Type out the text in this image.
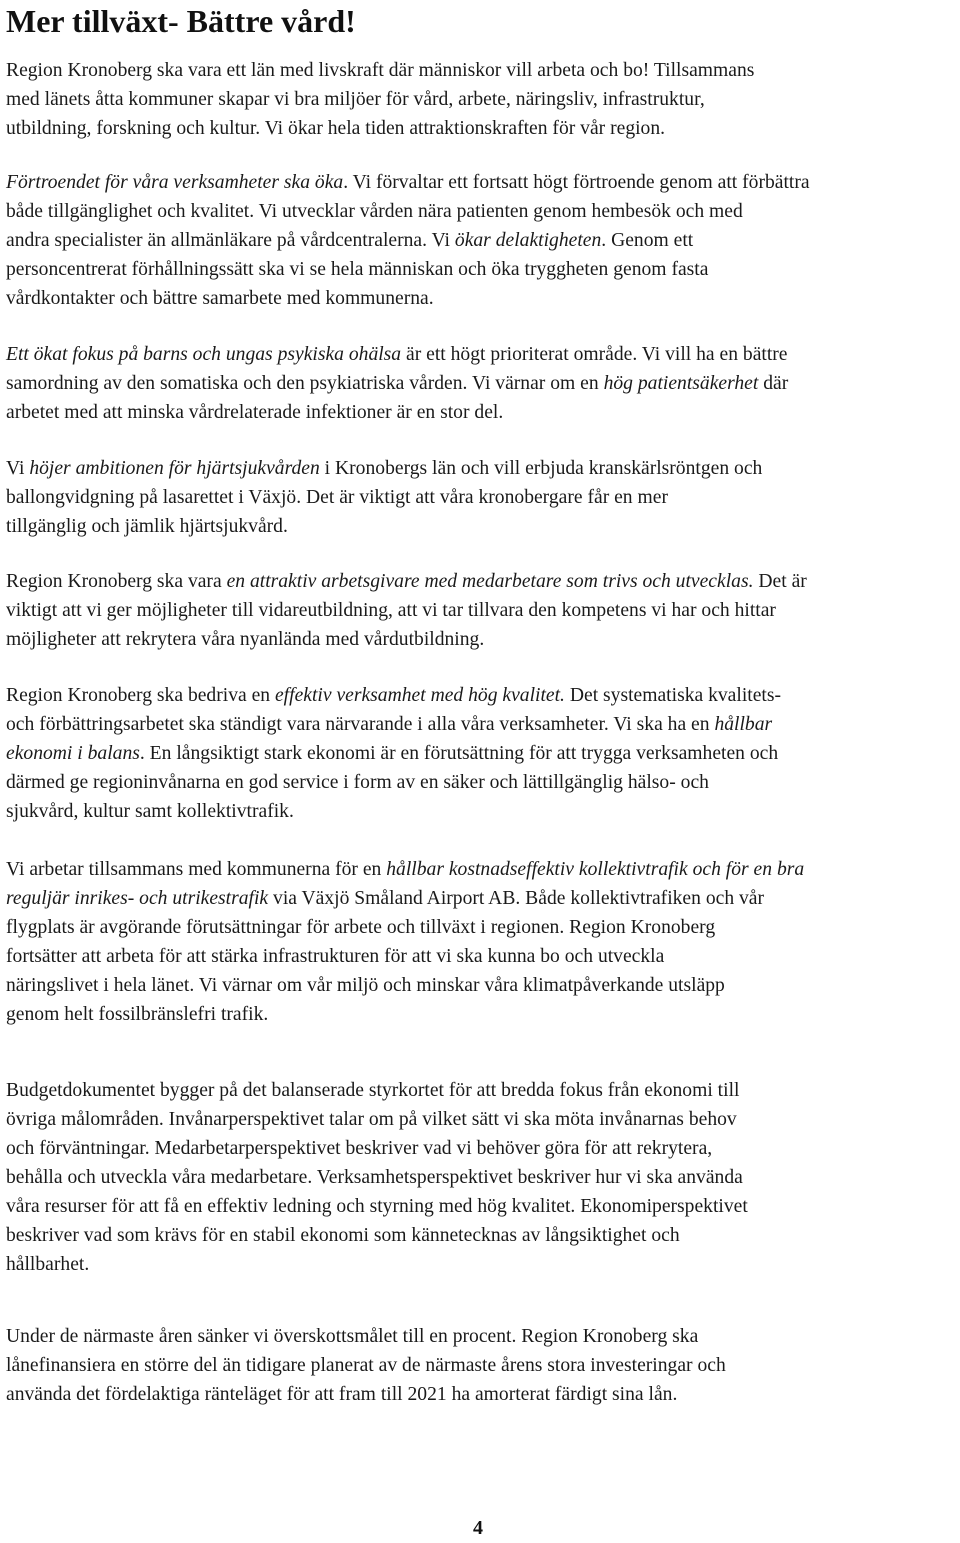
Mer tillväxt- Bättre vård!

Region Kronoberg ska vara ett län med livskraft där människor vill arbeta och bo! Tillsammans
med länets åtta kommuner skapar vi bra miljöer för vård, arbete, näringsliv, infrastruktur,
utbildning, forskning och kultur. Vi ökar hela tiden attraktionskraften för vår region.

Förtroendet för våra verksamheter ska öka. Vi förvaltar ett fortsatt högt förtroende genom att förbättra
både tillgänglighet och kvalitet. Vi utvecklar vården nära patienten genom hembesök och med
andra specialister än allmänläkare på vårdcentralerna. Vi ökar delaktigheten. Genom ett
personcentrerat förhållningssätt ska vi se hela människan och öka tryggheten genom fasta
vårdkontakter och bättre samarbete med kommunerna.

Ett ökat fokus på barns och ungas psykiska ohälsa är ett högt prioriterat område. Vi vill ha en bättre
samordning av den somatiska och den psykiatriska vården. Vi värnar om en hög patientsäkerhet där
arbetet med att minska vårdrelaterade infektioner är en stor del.

Vi höjer ambitionen för hjärtsjukvården i Kronobergs län och vill erbjuda kranskärlsröntgen och
ballongvidgning på lasarettet i Växjö. Det är viktigt att våra kronobergare får en mer
tillgänglig och jämlik hjärtsjukvård.

Region Kronoberg ska vara en attraktiv arbetsgivare med medarbetare som trivs och utvecklas. Det är
viktigt att vi ger möjligheter till vidareutbildning, att vi tar tillvara den kompetens vi har och hittar
möjligheter att rekrytera våra nyanlända med vårdutbildning.

Region Kronoberg ska bedriva en effektiv verksamhet med hög kvalitet. Det systematiska kvalitets-
och förbättringsarbetet ska ständigt vara närvarande i alla våra verksamheter. Vi ska ha en hållbar
ekonomi i balans. En långsiktigt stark ekonomi är en förutsättning för att trygga verksamheten och
därmed ge regioninvånarna en god service i form av en säker och lättillgänglig hälso- och
sjukvård, kultur samt kollektivtrafik.

Vi arbetar tillsammans med kommunerna för en hållbar kostnadseffektiv kollektivtrafik och för en bra
reguljär inrikes- och utrikestrafik via Växjö Småland Airport AB. Både kollektivtrafiken och vår
flygplats är avgörande förutsättningar för arbete och tillväxt i regionen. Region Kronoberg
fortsätter att arbeta för att stärka infrastrukturen för att vi ska kunna bo och utveckla
näringslivet i hela länet. Vi värnar om vår miljö och minskar våra klimatpåverkande utsläpp
genom helt fossilbränslefri trafik.

Budgetdokumentet bygger på det balanserade styrkortet för att bredda fokus från ekonomi till
övriga målområden. Invånarperspektivet talar om på vilket sätt vi ska möta invånarnas behov
och förväntningar. Medarbetarperspektivet beskriver vad vi behöver göra för att rekrytera,
behålla och utveckla våra medarbetare. Verksamhetsperspektivet beskriver hur vi ska använda
våra resurser för att få en effektiv ledning och styrning med hög kvalitet. Ekonomiperspektivet
beskriver vad som krävs för en stabil ekonomi som kännetecknas av långsiktighet och
hållbarhet.

Under de närmaste åren sänker vi överskottsmålet till en procent. Region Kronoberg ska
lånefinansiera en större del än tidigare planerat av de närmaste årens stora investeringar och
använda det fördelaktiga ränteläget för att fram till 2021 ha amorterat färdigt sina lån.

4
